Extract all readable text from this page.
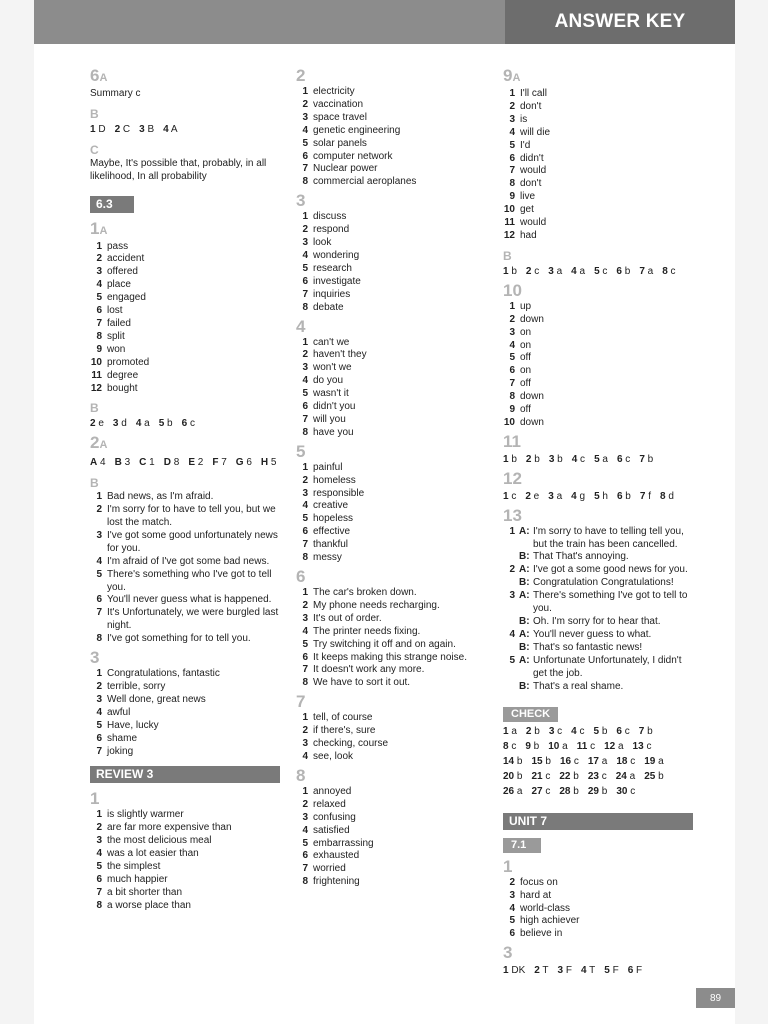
ANSWER KEY
6A

Summary c

B

1 D 2 C 3 B 4 A

C

Maybe, It's possible that, probably, in all likelihood, In all probability

6.3
1A
1 pass
2 accident
3 offered
4 place
5 engaged
6 lost
7 failed
8 split
9 won
10 promoted
11 degree
12 bought
B

2 e 3 d 4 a 5 b 6 c

2A

A 4 B 3 C 1 D 8 E 2 F 7 G 6 H 5

B
1 Bad news, as I'm afraid.
2 I'm sorry for to have to tell you, but we lost the match.
3 I've got some good unfortunately news for you.
4 I'm afraid of I've got some bad news.
5 There's something who I've got to tell you.
6 You'll never guess what is happened.
7 It's Unfortunately, we were burgled last night.
8 I've got something for to tell you.
3
1 Congratulations, fantastic
2 terrible, sorry
3 Well done, great news
4 awful
5 Have, lucky
6 shame
7 joking
REVIEW 3
1
1 is slightly warmer
2 are far more expensive than
3 the most delicious meal
4 was a lot easier than
5 the simplest
6 much happier
7 a bit shorter than
8 a worse place than
2
1 electricity
2 vaccination
3 space travel
4 genetic engineering
5 solar panels
6 computer network
7 Nuclear power
8 commercial aeroplanes
3
1 discuss
2 respond
3 look
4 wondering
5 research
6 investigate
7 inquiries
8 debate
4
1 can't we
2 haven't they
3 won't we
4 do you
5 wasn't it
6 didn't you
7 will you
8 have you
5
1 painful
2 homeless
3 responsible
4 creative
5 hopeless
6 effective
7 thankful
8 messy
6
1 The car's broken down.
2 My phone needs recharging.
3 It's out of order.
4 The printer needs fixing.
5 Try switching it off and on again.
6 It keeps making this strange noise.
7 It doesn't work any more.
8 We have to sort it out.
7
1 tell, of course
2 if there's, sure
3 checking, course
4 see, look
8
1 annoyed
2 relaxed
3 confusing
4 satisfied
5 embarrassing
6 exhausted
7 worried
8 frightening
9A
1 I'll call
2 don't
3 is
4 will die
5 I'd
6 didn't
7 would
8 don't
9 live
10 get
11 would
12 had
B

1 b 2 c 3 a 4 a 5 c 6 b 7 a 8 c

10
1 up
2 down
3 on
4 on
5 off
6 on
7 off
8 down
9 off
10 down
11

1 b 2 b 3 b 4 c 5 a 6 c 7 b

12

1 c 2 e 3 a 4 g 5 h 6 b 7 f 8 d

13
1 A: I'm sorry to have to telling tell you, but the train has been cancelled.
B: That That's annoying.
2 A: I've got a some good news for you.
B: Congratulation Congratulations!
3 A: There's something I've got to tell to you.
B: Oh. I'm sorry for to hear that.
4 A: You'll never guess to what.
B: That's so fantastic news!
5 A: Unfortunate Unfortunately, I didn't get the job.
B: That's a real shame.
CHECK

1 a 2 b 3 c 4 c 5 b 6 c 7 b

8 c 9 b 10 a 11 c 12 a 13 c

14 b 15 b 16 c 17 a 18 c 19 a

20 b 21 c 22 b 23 c 24 a 25 b

26 a 27 c 28 b 29 b 30 c

UNIT 7
7.1
1
2 focus on
3 hard at
4 world-class
5 high achiever
6 believe in
3

1 DK 2 T 3 F 4 T 5 F 6 F

89
